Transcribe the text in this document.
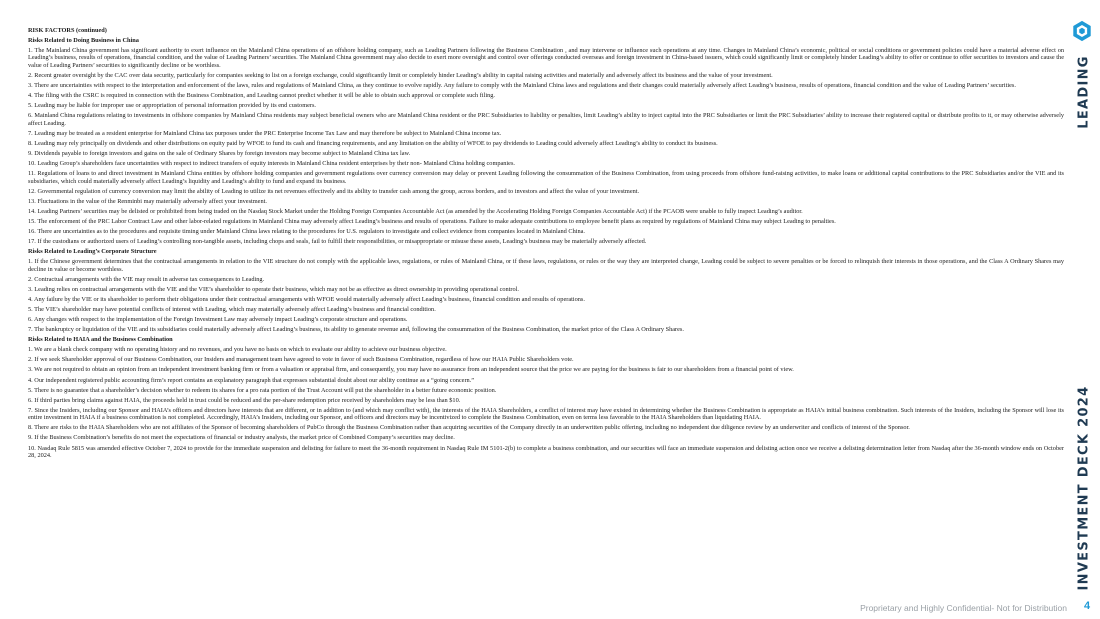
RISK FACTORS (continued)

Risks Related to Doing Business in China

1. The Mainland China government has significant authority to exert influence on the Mainland China operations of an offshore holding company, such as Leading Partners following the Business Combination , and may intervene or influence such operations at any time. Changes in Mainland China’s economic, political or social conditions or government policies could have a material adverse effect on Leading’s business, results of operations, financial condition, and the value of Leading Partners’ securities. The Mainland China government may also decide to exert more oversight and control over offerings conducted overseas and foreign investment in China-based issuers, which could significantly limit or completely hinder Leading’s ability to offer or continue to offer securities to investors and cause the value of Leading Partners’ securities to significantly decline or be worthless.

2. Recent greater oversight by the CAC over data security, particularly for companies seeking to list on a foreign exchange, could significantly limit or completely hinder Leading’s ability in capital raising activities and materially and adversely affect its business and the value of your investment.

3. There are uncertainties with respect to the interpretation and enforcement of the laws, rules and regulations of Mainland China, as they continue to evolve rapidly. Any failure to comply with the Mainland China laws and regulations and their changes could materially adversely affect Leading’s business, results of operations, financial condition and the value of Leading Partners’ securities.

4. The filing with the CSRC is required in connection with the Business Combination, and Leading cannot predict whether it will be able to obtain such approval or complete such filing.

5. Leading may be liable for improper use or appropriation of personal information provided by its end customers.

6. Mainland China regulations relating to investments in offshore companies by Mainland China residents may subject beneficial owners who are Mainland China resident or the PRC Subsidiaries to liability or penalties, limit Leading’s ability to inject capital into the PRC Subsidiaries or limit the PRC Subsidiaries’ ability to increase their registered capital or distribute profits to it, or may otherwise adversely affect Leading.

7. Leading may be treated as a resident enterprise for Mainland China tax purposes under the PRC Enterprise Income Tax Law and may therefore be subject to Mainland China income tax.

8. Leading may rely principally on dividends and other distributions on equity paid by WFOE to fund its cash and financing requirements, and any limitation on the ability of WFOE to pay dividends to Leading could adversely affect Leading’s ability to conduct its business.

9. Dividends payable to foreign investors and gains on the sale of Ordinary Shares by foreign investors may become subject to Mainland China tax law.

10. Leading Group’s shareholders face uncertainties with respect to indirect transfers of equity interests in Mainland China resident enterprises by their non- Mainland China holding companies.

11. Regulations of loans to and direct investment in Mainland China entities by offshore holding companies and government regulations over currency conversion may delay or prevent Leading following the consummation of the Business Combination, from using proceeds from offshore fund-raising activities, to make loans or additional capital contributions to the PRC Subsidiaries and/or the VIE and its subsidiaries, which could materially adversely affect Leading’s liquidity and Leading’s ability to fund and expand its business.

12. Governmental regulation of currency conversion may limit the ability of Leading to utilize its net revenues effectively and its ability to transfer cash among the group, across borders, and to investors and affect the value of your investment.

13. Fluctuations in the value of the Renminbi may materially adversely affect your investment.

14. Leading Partners’ securities may be delisted or prohibited from being traded on the Nasdaq Stock Market under the Holding Foreign Companies Accountable Act (as amended by the Accelerating Holding Foreign Companies Accountable Act) if the PCAOB were unable to fully inspect Leading’s auditor.

15. The enforcement of the PRC Labor Contract Law and other labor-related regulations in Mainland China may adversely affect Leading’s business and results of operations. Failure to make adequate contributions to employee benefit plans as required by regulations of Mainland China may subject Leading to penalties.

16. There are uncertainties as to the procedures and requisite timing under Mainland China laws relating to the procedures for U.S. regulators to investigate and collect evidence from companies located in Mainland China.

17. If the custodians or authorized users of Leading’s controlling non-tangible assets, including chops and seals, fail to fulfill their responsibilities, or misappropriate or misuse these assets, Leading’s business may be materially adversely affected.

Risks Related to Leading’s Corporate Structure

1. If the Chinese government determines that the contractual arrangements in relation to the VIE structure do not comply with the applicable laws, regulations, or rules of Mainland China, or if these laws, regulations, or rules or the way they are interpreted change, Leading could be subject to severe penalties or be forced to relinquish their interests in those operations, and the Class A Ordinary Shares may decline in value or become worthless.

2. Contractual arrangements with the VIE may result in adverse tax consequences to Leading.

3. Leading relies on contractual arrangements with the VIE and the VIE’s shareholder to operate their business, which may not be as effective as direct ownership in providing operational control.

4. Any failure by the VIE or its shareholder to perform their obligations under their contractual arrangements with WFOE would materially adversely affect Leading’s business, financial condition and results of operations.

5. The VIE’s shareholder may have potential conflicts of interest with Leading, which may materially adversely affect Leading’s business and financial condition.

6. Any changes with respect to the implementation of the Foreign Investment Law may adversely impact Leading’s corporate structure and operations.

7. The bankruptcy or liquidation of the VIE and its subsidiaries could materially adversely affect Leading’s business, its ability to generate revenue and, following the consummation of the Business Combination, the market price of the Class A Ordinary Shares.

Risks Related to HAIA and the Business Combination

1. We are a blank check company with no operating history and no revenues, and you have no basis on which to evaluate our ability to achieve our business objective.

2. If we seek Shareholder approval of our Business Combination, our Insiders and management team have agreed to vote in favor of such Business Combination, regardless of how our HAIA Public Shareholders vote.

3. We are not required to obtain an opinion from an independent investment banking firm or from a valuation or appraisal firm, and consequently, you may have no assurance from an independent source that the price we are paying for the business is fair to our shareholders from a financial point of view.

4. Our independent registered public accounting firm’s report contains an explanatory paragraph that expresses substantial doubt about our ability continue as a “going concern.”

5. There is no guarantee that a shareholder’s decision whether to redeem its shares for a pro rata portion of the Trust Account will put the shareholder in a better future economic position.

6. If third parties bring claims against HAIA, the proceeds held in trust could be reduced and the per-share redemption price received by shareholders may be less than $10.

7. Since the Insiders, including our Sponsor and HAIA’s officers and directors have interests that are different, or in addition to (and which may conflict with), the interests of the HAIA Shareholders, a conflict of interest may have existed in determining whether the Business Combination is appropriate as HAIA’s initial business combination. Such interests of the Insiders, including the Sponsor will lose its entire investment in HAIA if a business combination is not completed. Accordingly, HAIA’s Insiders, including our Sponsor, and officers and directors may be incentivized to complete the Business Combination, even on terms less favorable to the HAIA Shareholders than liquidating HAIA.

8. There are risks to the HAIA Shareholders who are not affiliates of the Sponsor of becoming shareholders of PubCo through the Business Combination rather than acquiring securities of the Company directly in an underwritten public offering, including no independent due diligence review by an underwriter and conflicts of interest of the Sponsor.

9. If the Business Combination’s benefits do not meet the expectations of financial or industry analysts, the market price of Combined Company’s securities may decline.

10. Nasdaq Rule 5815 was amended effective October 7, 2024 to provide for the immediate suspension and delisting for failure to meet the 36-month requirement in Nasdaq Rule IM 5101-2(b) to complete a business combination, and our securities will face an immediate suspension and delisting action once we receive a delisting determination letter from Nasdaq after the 36-month window ends on October 28, 2024.

LEADING
INVESTMENT DECK 2024
Proprietary and Highly Confidential- Not for Distribution 4
